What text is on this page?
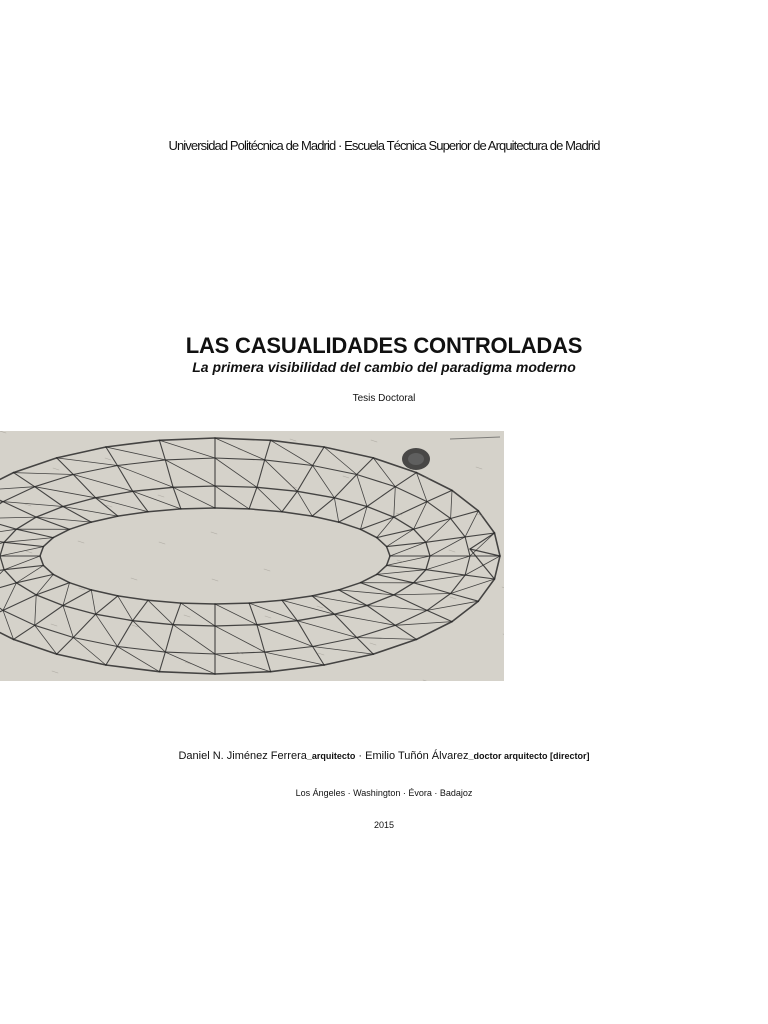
Universidad Politécnica de Madrid · Escuela Técnica Superior de Arquitectura de Madrid
LAS CASUALIDADES CONTROLADAS
La primera visibilidad del cambio del paradigma moderno
Tesis Doctoral
Daniel N. Jiménez Ferrera_arquitecto · Emilio Tuñón Álvarez_doctor arquitecto [director]
Los Ángeles · Washington · Évora · Badajoz
2015
